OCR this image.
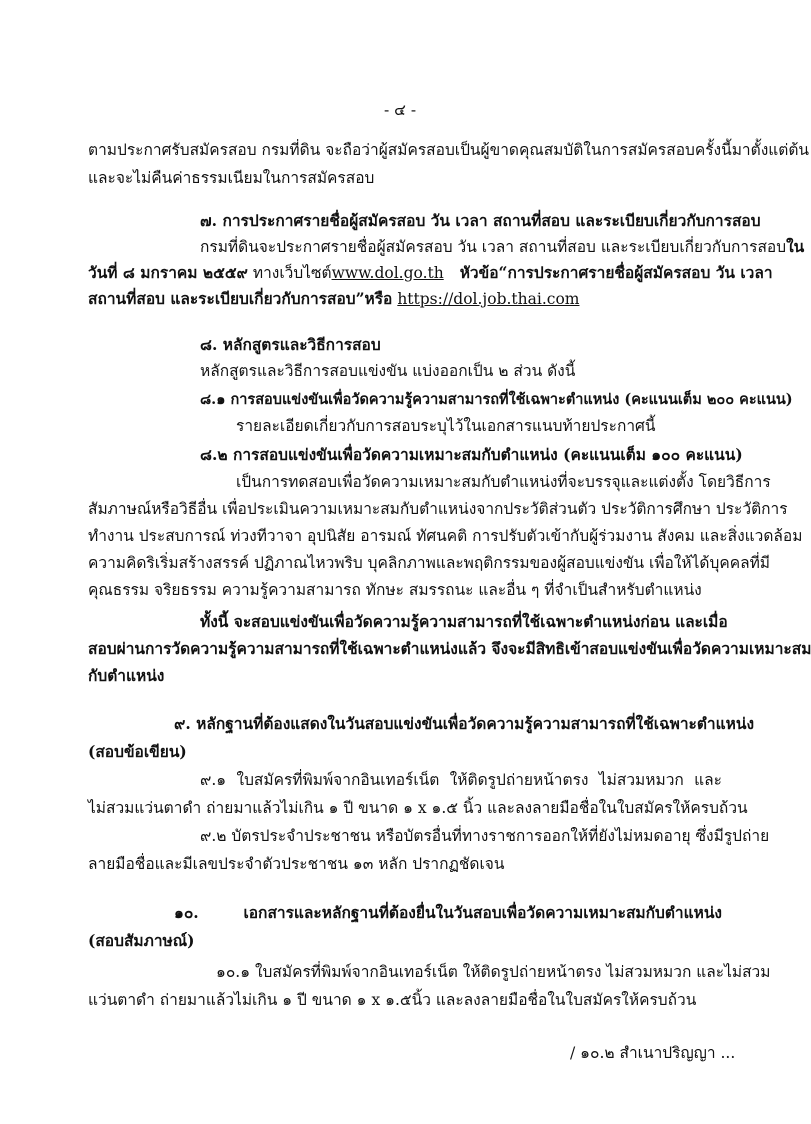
- ๔ -
ตามประกาศรับสมัครสอบ กรมที่ดิน จะถือว่าผู้สมัครสอบเป็นผู้ขาดคุณสมบัติในการสมัครสอบครั้งนี้มาตั้งแต่ต้น
และจะไม่คืนค่าธรรมเนียมในการสมัครสอบ
๗. การประกาศรายชื่อผู้สมัครสอบ วัน เวลา สถานที่สอบ และระเบียบเกี่ยวกับการสอบ
กรมที่ดินจะประกาศรายชื่อผู้สมัครสอบ วัน เวลา สถานที่สอบ และระเบียบเกี่ยวกับการสอบใน
วันที่ ๘ มกราคม ๒๕๕๙ ทางเว็บไซต์www.dol.go.th หัวข้อ“การประกาศรายชื่อผู้สมัครสอบ วัน เวลา
สถานที่สอบ และระเบียบเกี่ยวกับการสอบ”หรือ https://dol.job.thai.com
๘. หลักสูตรและวิธีการสอบ
หลักสูตรและวิธีการสอบแข่งขัน แบ่งออกเป็น ๒ ส่วน ดังนี้
๘.๑ การสอบแข่งขันเพื่อวัดความรู้ความสามารถที่ใช้เฉพาะตำแหน่ง (คะแนนเต็ม ๒๐๐ คะแนน)
รายละเอียดเกี่ยวกับการสอบระบุไว้ในเอกสารแนบท้ายประกาศนี้
๘.๒ การสอบแข่งขันเพื่อวัดความเหมาะสมกับตำแหน่ง (คะแนนเต็ม ๑๐๐ คะแนน)
เป็นการทดสอบเพื่อวัดความเหมาะสมกับตำแหน่งที่จะบรรจุและแต่งตั้ง โดยวิธีการ
สัมภาษณ์หรือวิธีอื่น เพื่อประเมินความเหมาะสมกับตำแหน่งจากประวัติส่วนตัว ประวัติการศึกษา ประวัติการ
ทำงาน ประสบการณ์ ท่วงทีวาจา อุปนิสัย อารมณ์ ทัศนคติ การปรับตัวเข้ากับผู้ร่วมงาน สังคม และสิ่งแวดล้อม
ความคิดริเริ่มสร้างสรรค์ ปฏิภาณไหวพริบ บุคลิกภาพและพฤติกรรมของผู้สอบแข่งขัน เพื่อให้ได้บุคคลที่มี
คุณธรรม จริยธรรม ความรู้ความสามารถ ทักษะ สมรรถนะ และอื่น ๆ ที่จำเป็นสำหรับตำแหน่ง
ทั้งนี้ จะสอบแข่งขันเพื่อวัดความรู้ความสามารถที่ใช้เฉพาะตำแหน่งก่อน และเมื่อ
สอบผ่านการวัดความรู้ความสามารถที่ใช้เฉพาะตำแหน่งแล้ว จึงจะมีสิทธิเข้าสอบแข่งขันเพื่อวัดความเหมาะสม
กับตำแหน่ง
๙. หลักฐานที่ต้องแสดงในวันสอบแข่งขันเพื่อวัดความรู้ความสามารถที่ใช้เฉพาะตำแหน่ง
(สอบข้อเขียน)
๙.๑ ใบสมัครที่พิมพ์จากอินเทอร์เน็ต ให้ติดรูปถ่ายหน้าตรง ไม่สวมหมวก และ
ไม่สวมแว่นตาดำ ถ่ายมาแล้วไม่เกิน ๑ ปี ขนาด ๑ x ๑.๕ นิ้ว และลงลายมือชื่อในใบสมัครให้ครบถ้วน
๙.๒ บัตรประจำประชาชน หรือบัตรอื่นที่ทางราชการออกให้ที่ยังไม่หมดอายุ ซึ่งมีรูปถ่าย
ลายมือชื่อและมีเลขประจำตัวประชาชน ๑๓ หลัก ปรากฏชัดเจน
๑๐. เอกสารและหลักฐานที่ต้องยื่นในวันสอบเพื่อวัดความเหมาะสมกับตำแหน่ง
(สอบสัมภาษณ์)
๑๐.๑ ใบสมัครที่พิมพ์จากอินเทอร์เน็ต ให้ติดรูปถ่ายหน้าตรง ไม่สวมหมวก และไม่สวม
แว่นตาดำ ถ่ายมาแล้วไม่เกิน ๑ ปี ขนาด ๑ x ๑.๕นิ้ว และลงลายมือชื่อในใบสมัครให้ครบถ้วน
/ ๑๐.๒ สำเนาปริญญา ...
